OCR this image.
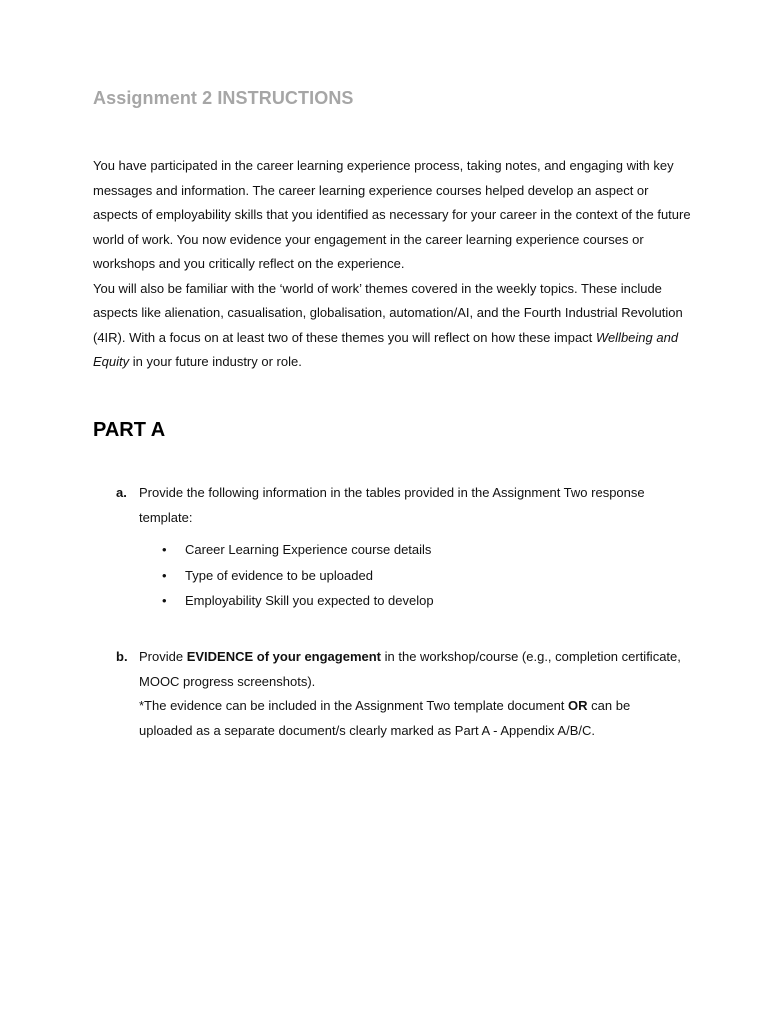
Assignment 2 INSTRUCTIONS

You have participated in the career learning experience process, taking notes, and engaging with key messages and information. The career learning experience courses helped develop an aspect or aspects of employability skills that you identified as necessary for your career in the context of the future world of work. You now evidence your engagement in the career learning experience courses or workshops and you critically reflect on the experience.

You will also be familiar with the ‘world of work’ themes covered in the weekly topics. These include aspects like alienation, casualisation, globalisation, automation/AI, and the Fourth Industrial Revolution (4IR). With a focus on at least two of these themes you will reflect on how these impact Wellbeing and Equity in your future industry or role.

PART A
a. Provide the following information in the tables provided in the Assignment Two response template:

• Career Learning Experience course details
• Type of evidence to be uploaded
• Employability Skill you expected to develop
b. Provide EVIDENCE of your engagement in the workshop/course (e.g., completion certificate, MOOC progress screenshots).

*The evidence can be included in the Assignment Two template document OR can be uploaded as a separate document/s clearly marked as Part A - Appendix A/B/C.
